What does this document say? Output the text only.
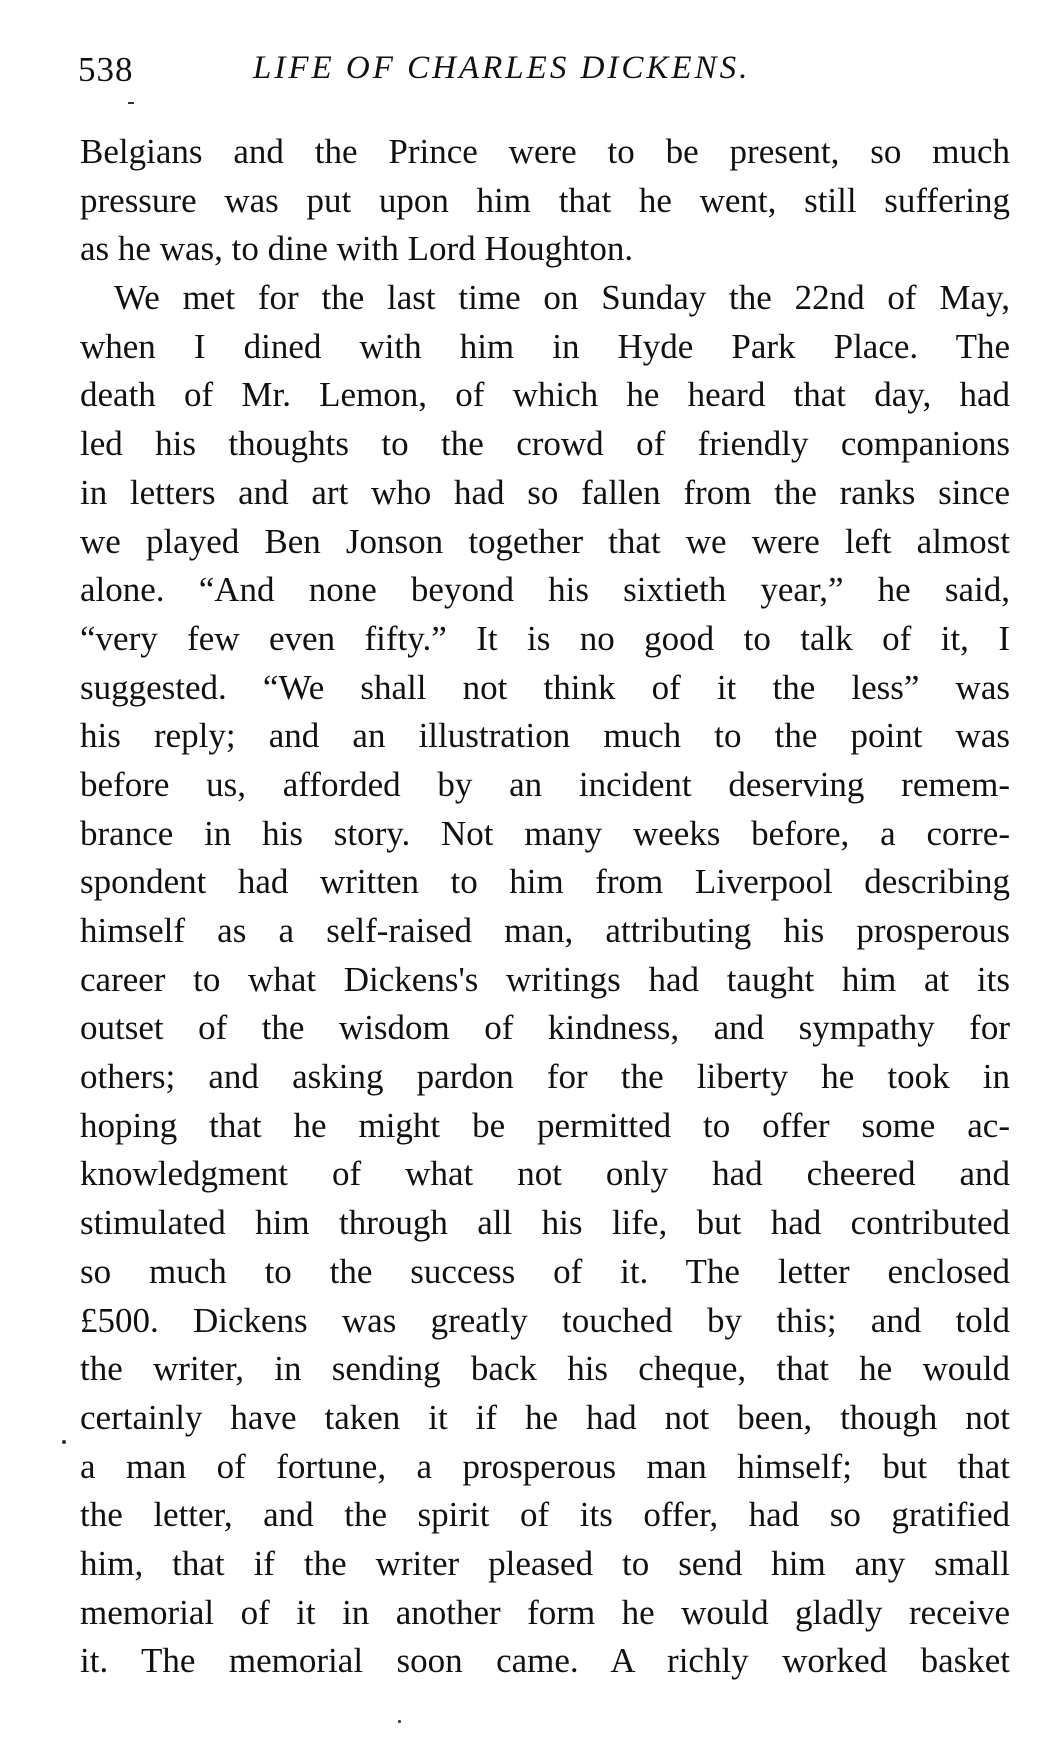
538	LIFE OF CHARLES DICKENS.
Belgians and the Prince were to be present, so much
pressure was put upon him that he went, still suffering
as he was, to dine with Lord Houghton.
We met for the last time on Sunday the 22nd of May,
when I dined with him in Hyde Park Place. The
death of Mr. Lemon, of which he heard that day, had
led his thoughts to the crowd of friendly companions
in letters and art who had so fallen from the ranks since
we played Ben Jonson together that we were left almost
alone. “And none beyond his sixtieth year,” he said,
“very few even fifty.” It is no good to talk of it, I
suggested. “We shall not think of it the less” was
his reply; and an illustration much to the point was
before us, afforded by an incident deserving remem-
brance in his story. Not many weeks before, a corre-
spondent had written to him from Liverpool describing
himself as a self-raised man, attributing his prosperous
career to what Dickens's writings had taught him at its
outset of the wisdom of kindness, and sympathy for
others; and asking pardon for the liberty he took in
hoping that he might be permitted to offer some ac-
knowledgment of what not only had cheered and
stimulated him through all his life, but had contributed
so much to the success of it. The letter enclosed
£500. Dickens was greatly touched by this; and told
the writer, in sending back his cheque, that he would
certainly have taken it if he had not been, though not
a man of fortune, a prosperous man himself; but that
the letter, and the spirit of its offer, had so gratified
him, that if the writer pleased to send him any small
memorial of it in another form he would gladly receive
it. The memorial soon came. A richly worked basket
